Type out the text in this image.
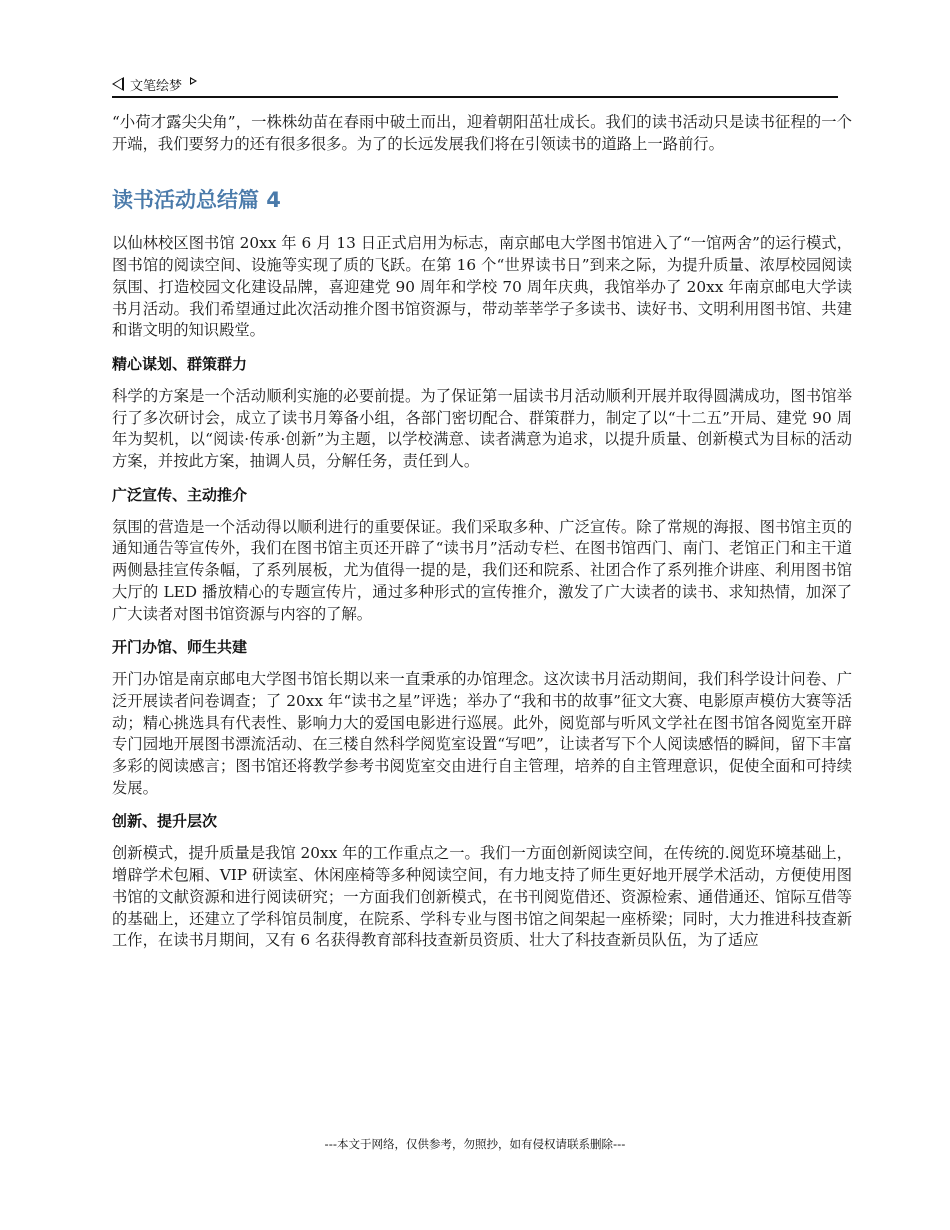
文笔绘梦

“小荷才露尖尖角”，一株株幼苗在春雨中破土而出，迎着朝阳茁壮成长。我们的读书活动只是读书征程的一个开端，我们要努力的还有很多很多。为了的长远发展我们将在引领读书的道路上一路前行。

读书活动总结篇 4

以仙林校区图书馆 20xx 年 6 月 13 日正式启用为标志，南京邮电大学图书馆进入了“一馆两舍”的运行模式，图书馆的阅读空间、设施等实现了质的飞跃。在第 16 个“世界读书日”到来之际，为提升质量、浓厚校园阅读氛围、打造校园文化建设品牌，喜迎建党 90 周年和学校 70 周年庆典，我馆举办了 20xx 年南京邮电大学读书月活动。我们希望通过此次活动推介图书馆资源与，带动莘莘学子多读书、读好书、文明利用图书馆、共建和谐文明的知识殿堂。

精心谋划、群策群力

科学的方案是一个活动顺利实施的必要前提。为了保证第一届读书月活动顺利开展并取得圆满成功，图书馆举行了多次研讨会，成立了读书月筹备小组，各部门密切配合、群策群力，制定了以“十二五”开局、建党 90 周年为契机，以“阅读·传承·创新”为主题，以学校满意、读者满意为追求，以提升质量、创新模式为目标的活动方案，并按此方案，抽调人员，分解任务，责任到人。

广泛宣传、主动推介

氛围的营造是一个活动得以顺利进行的重要保证。我们采取多种、广泛宣传。除了常规的海报、图书馆主页的通知通告等宣传外，我们在图书馆主页还开辟了“读书月”活动专栏、在图书馆西门、南门、老馆正门和主干道两侧悬挂宣传条幅，了系列展板，尤为值得一提的是，我们还和院系、社团合作了系列推介讲座、利用图书馆大厅的 LED 播放精心的专题宣传片，通过多种形式的宣传推介，激发了广大读者的读书、求知热情，加深了广大读者对图书馆资源与内容的了解。

开门办馆、师生共建

开门办馆是南京邮电大学图书馆长期以来一直秉承的办馆理念。这次读书月活动期间，我们科学设计问卷、广泛开展读者问卷调查；了 20xx 年“读书之星”评选；举办了“我和书的故事”征文大赛、电影原声模仿大赛等活动；精心挑选具有代表性、影响力大的爱国电影进行巡展。此外，阅览部与听风文学社在图书馆各阅览室开辟专门园地开展图书漂流活动、在三楼自然科学阅览室设置“写吧”，让读者写下个人阅读感悟的瞬间，留下丰富多彩的阅读感言；图书馆还将教学参考书阅览室交由进行自主管理，培养的自主管理意识，促使全面和可持续发展。

创新、提升层次

创新模式，提升质量是我馆 20xx 年的工作重点之一。我们一方面创新阅读空间，在传统的.阅览环境基础上，增辟学术包厢、VIP 研读室、休闲座椅等多种阅读空间，有力地支持了师生更好地开展学术活动，方便使用图书馆的文献资源和进行阅读研究；一方面我们创新模式，在书刊阅览借还、资源检索、通借通还、馆际互借等的基础上，还建立了学科馆员制度，在院系、学科专业与图书馆之间架起一座桥梁；同时，大力推进科技查新工作，在读书月期间，又有 6 名获得教育部科技查新员资质、壮大了科技查新员队伍，为了适应

---本文于网络，仅供参考，勿照抄，如有侵权请联系删除---
